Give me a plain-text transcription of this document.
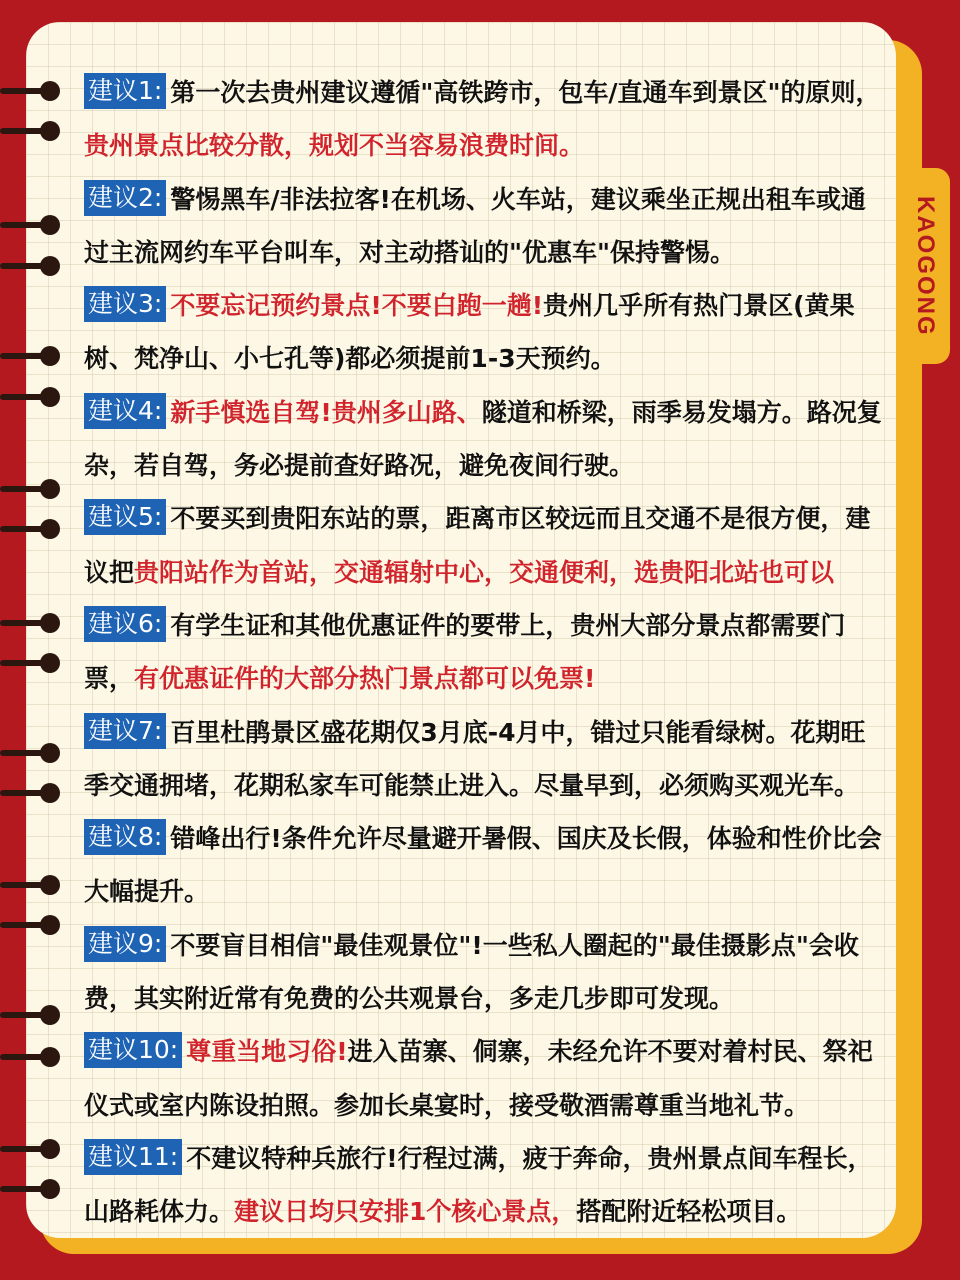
KAOGONG

建议1: 第一次去贵州建议遵循"高铁跨市，包车/直通车到景区"的原则，

贵州景点比较分散，规划不当容易浪费时间。

建议2: 警惕黑车/非法拉客!在机场、火车站，建议乘坐正规出租车或通

过主流网约车平台叫车，对主动搭讪的"优惠车"保持警惕。

建议3: 不要忘记预约景点!不要白跑一趟!贵州几乎所有热门景区(黄果

树、梵净山、小七孔等)都必须提前1-3天预约。

建议4: 新手慎选自驾!贵州多山路、隧道和桥梁，雨季易发塌方。路况复

杂，若自驾，务必提前查好路况，避免夜间行驶。

建议5: 不要买到贵阳东站的票，距离市区较远而且交通不是很方便，建

议把贵阳站作为首站，交通辐射中心，交通便利，选贵阳北站也可以

建议6: 有学生证和其他优惠证件的要带上，贵州大部分景点都需要门

票，有优惠证件的大部分热门景点都可以免票!

建议7: 百里杜鹃景区盛花期仅3月底-4月中，错过只能看绿树。花期旺

季交通拥堵，花期私家车可能禁止进入。尽量早到，必须购买观光车。

建议8: 错峰出行!条件允许尽量避开暑假、国庆及长假，体验和性价比会

大幅提升。

建议9: 不要盲目相信"最佳观景位"!一些私人圈起的"最佳摄影点"会收

费，其实附近常有免费的公共观景台，多走几步即可发现。

建议10: 尊重当地习俗!进入苗寨、侗寨，未经允许不要对着村民、祭祀

仪式或室内陈设拍照。参加长桌宴时，接受敬酒需尊重当地礼节。

建议11: 不建议特种兵旅行!行程过满，疲于奔命，贵州景点间车程长，

山路耗体力。建议日均只安排1个核心景点，搭配附近轻松项目。
